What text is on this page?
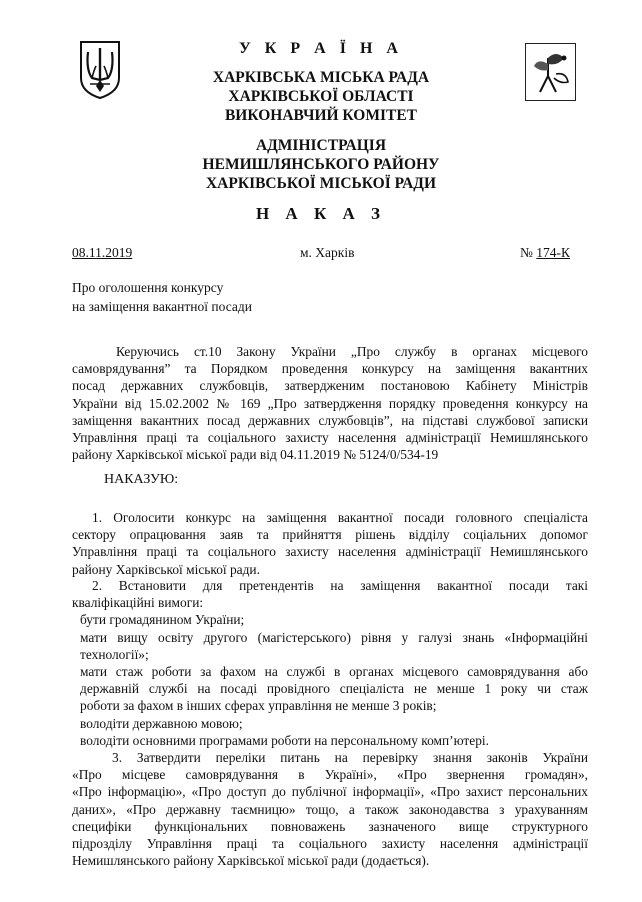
У К Р А Ї Н А
ХАРКІВСЬКА МІСЬКА РАДА
ХАРКІВСЬКОЇ ОБЛАСТІ
ВИКОНАВЧИЙ КОМІТЕТ
АДМІНІСТРАЦІЯ
НЕМИШЛЯНСЬКОГО РАЙОНУ
ХАРКІВСЬКОЇ МІСЬКОЇ РАДИ
Н А К А З
08.11.2019	м. Харків	№ 174-К
Про оголошення конкурсу
на заміщення вакантної посади
Керуючись ст.10 Закону України „Про службу в органах місцевого
самоврядування” та Порядком проведення конкурсу на заміщення вакантних
посад державних службовців, затвердженим постановою Кабінету Міністрів
України від 15.02.2002 № 169 „Про затвердження порядку проведення конкурсу на
заміщення вакантних посад державних службовців”, на підставі службової записки
Управління праці та соціального захисту населення адміністрації Немишлянського
району Харківської міської ради від 04.11.2019 № 5124/0/534-19
НАКАЗУЮ:
1. Оголосити конкурс на заміщення вакантної посади головного спеціаліста
сектору опрацювання заяв та прийняття рішень відділу соціальних допомог
Управління праці та соціального захисту населення адміністрації Немишлянського
району Харківської міської ради.
2. Встановити для претендентів на заміщення вакантної посади такі
кваліфікаційні вимоги:
бути громадянином України;
мати вищу освіту другого (магістерського) рівня у галузі знань «Інформаційні
технології»;
мати стаж роботи за фахом на службі в органах місцевого самоврядування або
державній службі на посаді провідного спеціаліста не менше 1 року чи стаж
роботи за фахом в інших сферах управління не менше 3 років;
володіти державною мовою;
володіти основними програмами роботи на персональному комп’ютері.
3. Затвердити переліки питань на перевірку знання законів України
«Про місцеве самоврядування в Україні», «Про звернення громадян»,
«Про інформацію», «Про доступ до публічної інформації», «Про захист персональних
даних», «Про державну таємницю» тощо, а також законодавства з урахуванням
специфіки функціональних повноважень зазначеного вище структурного
підрозділу Управління праці та соціального захисту населення адміністрації
Немишлянського району Харківської міської ради (додається).
